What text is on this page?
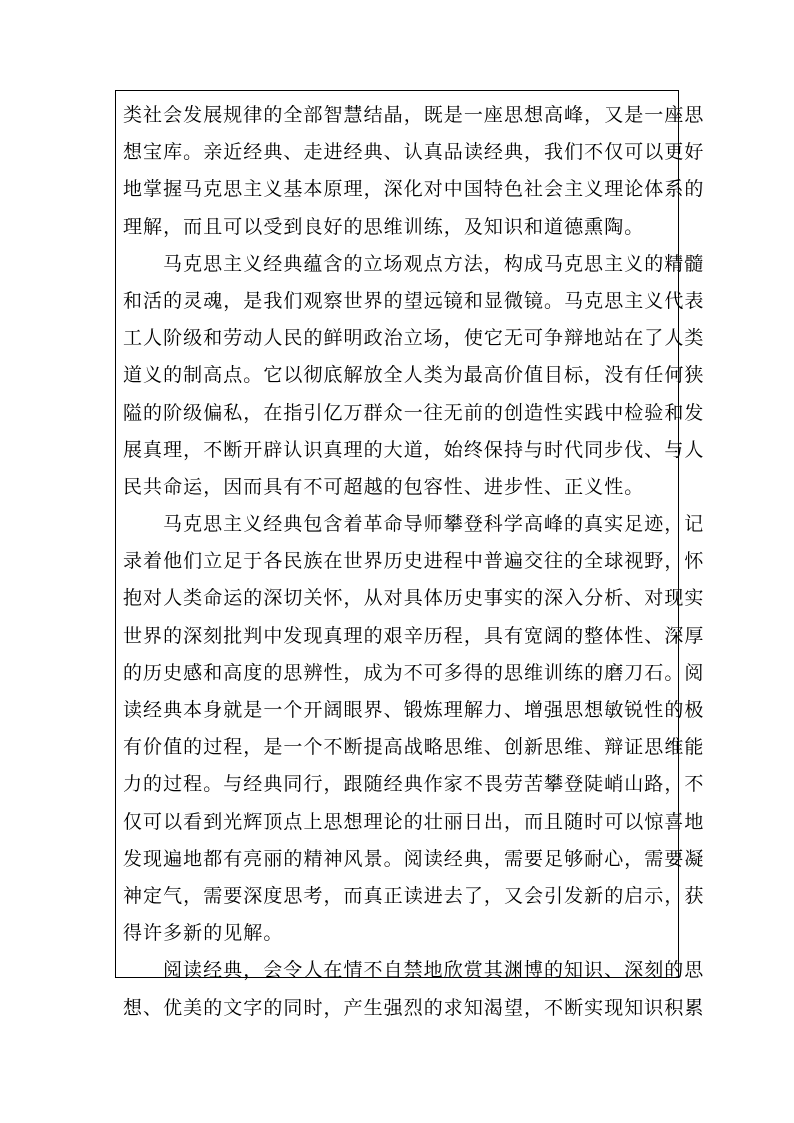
类社会发展规律的全部智慧结晶，既是一座思想高峰，又是一座思
想宝库。亲近经典、走进经典、认真品读经典，我们不仅可以更好
地掌握马克思主义基本原理，深化对中国特色社会主义理论体系的
理解，而且可以受到良好的思维训练，及知识和道德熏陶。
马克思主义经典蕴含的立场观点方法，构成马克思主义的精髓
和活的灵魂，是我们观察世界的望远镜和显微镜。马克思主义代表
工人阶级和劳动人民的鲜明政治立场，使它无可争辩地站在了人类
道义的制高点。它以彻底解放全人类为最高价值目标，没有任何狭
隘的阶级偏私，在指引亿万群众一往无前的创造性实践中检验和发
展真理，不断开辟认识真理的大道，始终保持与时代同步伐、与人
民共命运，因而具有不可超越的包容性、进步性、正义性。
马克思主义经典包含着革命导师攀登科学高峰的真实足迹，记
录着他们立足于各民族在世界历史进程中普遍交往的全球视野，怀
抱对人类命运的深切关怀，从对具体历史事实的深入分析、对现实
世界的深刻批判中发现真理的艰辛历程，具有宽阔的整体性、深厚
的历史感和高度的思辨性，成为不可多得的思维训练的磨刀石。阅
读经典本身就是一个开阔眼界、锻炼理解力、增强思想敏锐性的极
有价值的过程，是一个不断提高战略思维、创新思维、辩证思维能
力的过程。与经典同行，跟随经典作家不畏劳苦攀登陡峭山路，不
仅可以看到光辉顶点上思想理论的壮丽日出，而且随时可以惊喜地
发现遍地都有亮丽的精神风景。阅读经典，需要足够耐心，需要凝
神定气，需要深度思考，而真正读进去了，又会引发新的启示，获
得许多新的见解。
阅读经典，会令人在情不自禁地欣赏其渊博的知识、深刻的思
想、优美的文字的同时，产生强烈的求知渴望，不断实现知识积累
